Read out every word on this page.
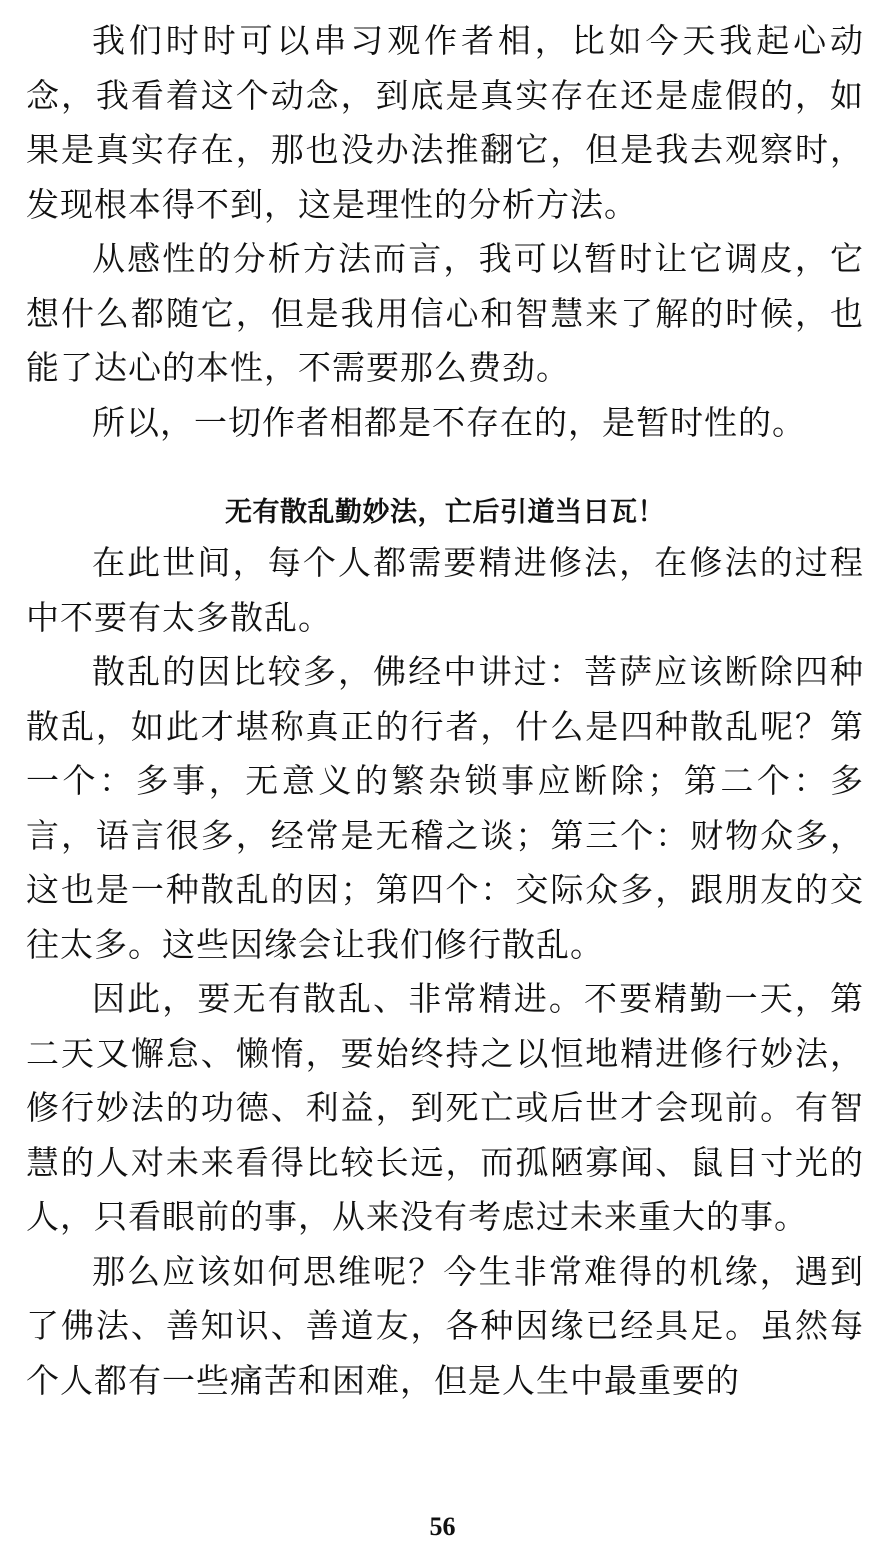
我们时时可以串习观作者相，比如今天我起心动念，我看着这个动念，到底是真实存在还是虚假的，如果是真实存在，那也没办法推翻它，但是我去观察时，发现根本得不到，这是理性的分析方法。

从感性的分析方法而言，我可以暂时让它调皮，它想什么都随它，但是我用信心和智慧来了解的时候，也能了达心的本性，不需要那么费劲。

所以，一切作者相都是不存在的，是暂时性的。

无有散乱勤妙法，亡后引道当日瓦！

在此世间，每个人都需要精进修法，在修法的过程中不要有太多散乱。

散乱的因比较多，佛经中讲过：菩萨应该断除四种散乱，如此才堪称真正的行者，什么是四种散乱呢？第一个：多事，无意义的繁杂锁事应断除；第二个：多言，语言很多，经常是无稽之谈；第三个：财物众多，这也是一种散乱的因；第四个：交际众多，跟朋友的交往太多。这些因缘会让我们修行散乱。

因此，要无有散乱、非常精进。不要精勤一天，第二天又懈怠、懒惰，要始终持之以恒地精进修行妙法，修行妙法的功德、利益，到死亡或后世才会现前。有智慧的人对未来看得比较长远，而孤陋寡闻、鼠目寸光的人，只看眼前的事，从来没有考虑过未来重大的事。

那么应该如何思维呢？今生非常难得的机缘，遇到了佛法、善知识、善道友，各种因缘已经具足。虽然每个人都有一些痛苦和困难，但是人生中最重要的

56
